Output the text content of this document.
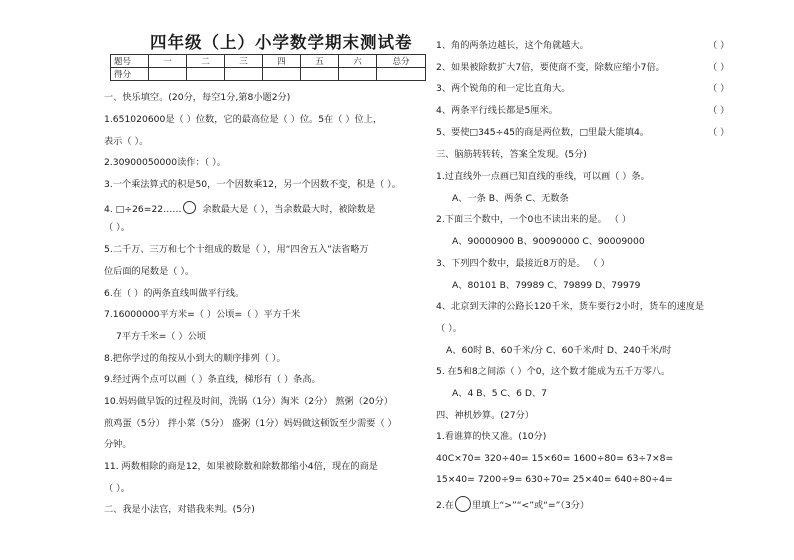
四年级（上）小学数学期末测试卷
题号	一	二	三	四	五	六	总分
得分							
一、快乐填空。(20分，每空1分,第8小题2分)
1.651020600是（ ）位数，它的最高位是（ ）位。5在（ ）位上，
表示（ ）。
2.30900050000读作：（ ）。
3.一个乘法算式的积是50，一个因数乘12，另一个因数不变，积是（ ）。
4. □÷26=22…… 余数最大是（ ），当余数最大时，被除数是
（ ）。
5.二千万、三万和七个十组成的数是（ ），用“四舍五入”法省略万
位后面的尾数是（ ）。
6.在（ ）的两条直线叫做平行线。
7.16000000平方米=（ ）公顷=（ ）平方千米
7平方千米=（ ）公顷
8.把你学过的角按从小到大的顺序排列（ ）。
9.经过两个点可以画（ ）条直线，梯形有（ ）条高。
10.妈妈做早饭的过程及时间，洗锅（1分）淘米（2分） 熬粥（20分）
煎鸡蛋（5分） 拌小菜（5分） 盛粥（1分）妈妈做这顿饭至少需要（ ）
分钟。
11. 两数相除的商是12，如果被除数和除数都缩小4倍，现在的商是
（ ）。
二、我是小法官，对错我来判。(5分)
1、角的两条边越长，这个角就越大。	（ ）
2、如果被除数扩大7倍，要使商不变，除数应缩小7倍。	（ ）
3、两个锐角的和一定比直角大。	（ ）
4、两条平行线长都是5厘米。	（ ）
5、要使□345÷45的商是两位数，□里最大能填4。	（ ）
三、脑筋转转转，答案全发现。(5分)
1.过直线外一点画已知直线的垂线，可以画（ ）条。
A、一条 B、两条 C、无数条
2.下面三个数中，一个0也不读出来的是。 （ ）
A、90000900 B、90090000 C、90009000
3、下列四个数中，最接近8万的是。 （ ）
A、80101 B、79989 C、79899 D、79979
4、北京到天津的公路长120千米，货车要行2小时，货车的速度是
（ ）。
A、60时 B、60千米/分 C、60千米/时 D、240千米/时
5. 在5和8之间添（ ）个0，这个数才能成为五千万零八。
A、4 B、5 C、6 D、7
四、神机妙算。(27分）
1.看谁算的快又准。(10分)
40C×70= 320÷40= 15×60= 1600÷80= 63÷7×8=
15×40= 7200÷9= 630÷70= 25×40= 640÷80÷4=
2.在 里填上“>”“<”或“=”（3分）
